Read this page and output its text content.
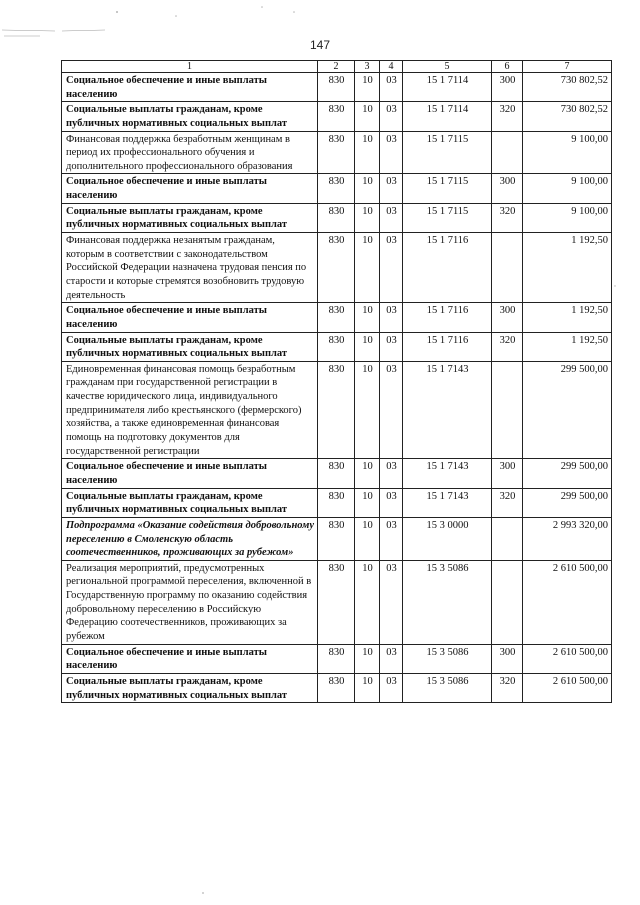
147
1	2	3	4	5	6	7
Социальное обеспечение и иные выплаты населению	830	10	03	15 1 7114	300	730 802,52
Социальные выплаты гражданам, кроме публичных нормативных социальных выплат	830	10	03	15 1 7114	320	730 802,52
Финансовая поддержка безработным женщинам в период их профессионального обучения и дополнительного профессионального образования	830	10	03	15 1 7115		9 100,00
Социальное обеспечение и иные выплаты населению	830	10	03	15 1 7115	300	9 100,00
Социальные выплаты гражданам, кроме публичных нормативных социальных выплат	830	10	03	15 1 7115	320	9 100,00
Финансовая поддержка незанятым гражданам, которым в соответствии с законодательством Российской Федерации назначена трудовая пенсия по старости и которые стремятся возобновить трудовую деятельность	830	10	03	15 1 7116		1 192,50
Социальное обеспечение и иные выплаты населению	830	10	03	15 1 7116	300	1 192,50
Социальные выплаты гражданам, кроме публичных нормативных социальных выплат	830	10	03	15 1 7116	320	1 192,50
Единовременная финансовая помощь безработным гражданам при государственной регистрации в качестве юридического лица, индивидуального предпринимателя либо крестьянского (фермерского) хозяйства, а также единовременная финансовая помощь на подготовку документов для государственной регистрации	830	10	03	15 1 7143		299 500,00
Социальное обеспечение и иные выплаты населению	830	10	03	15 1 7143	300	299 500,00
Социальные выплаты гражданам, кроме публичных нормативных социальных выплат	830	10	03	15 1 7143	320	299 500,00
Подпрограмма «Оказание содействия добровольному переселению в Смоленскую область соотечественников, проживающих за рубежом»	830	10	03	15 3 0000		2 993 320,00
Реализация мероприятий, предусмотренных региональной программой переселения, включенной в Государственную программу по оказанию содействия добровольному переселению в Российскую Федерацию соотечественников, проживающих за рубежом	830	10	03	15 3 5086		2 610 500,00
Социальное обеспечение и иные выплаты населению	830	10	03	15 3 5086	300	2 610 500,00
Социальные выплаты гражданам, кроме публичных нормативных социальных выплат	830	10	03	15 3 5086	320	2 610 500,00
